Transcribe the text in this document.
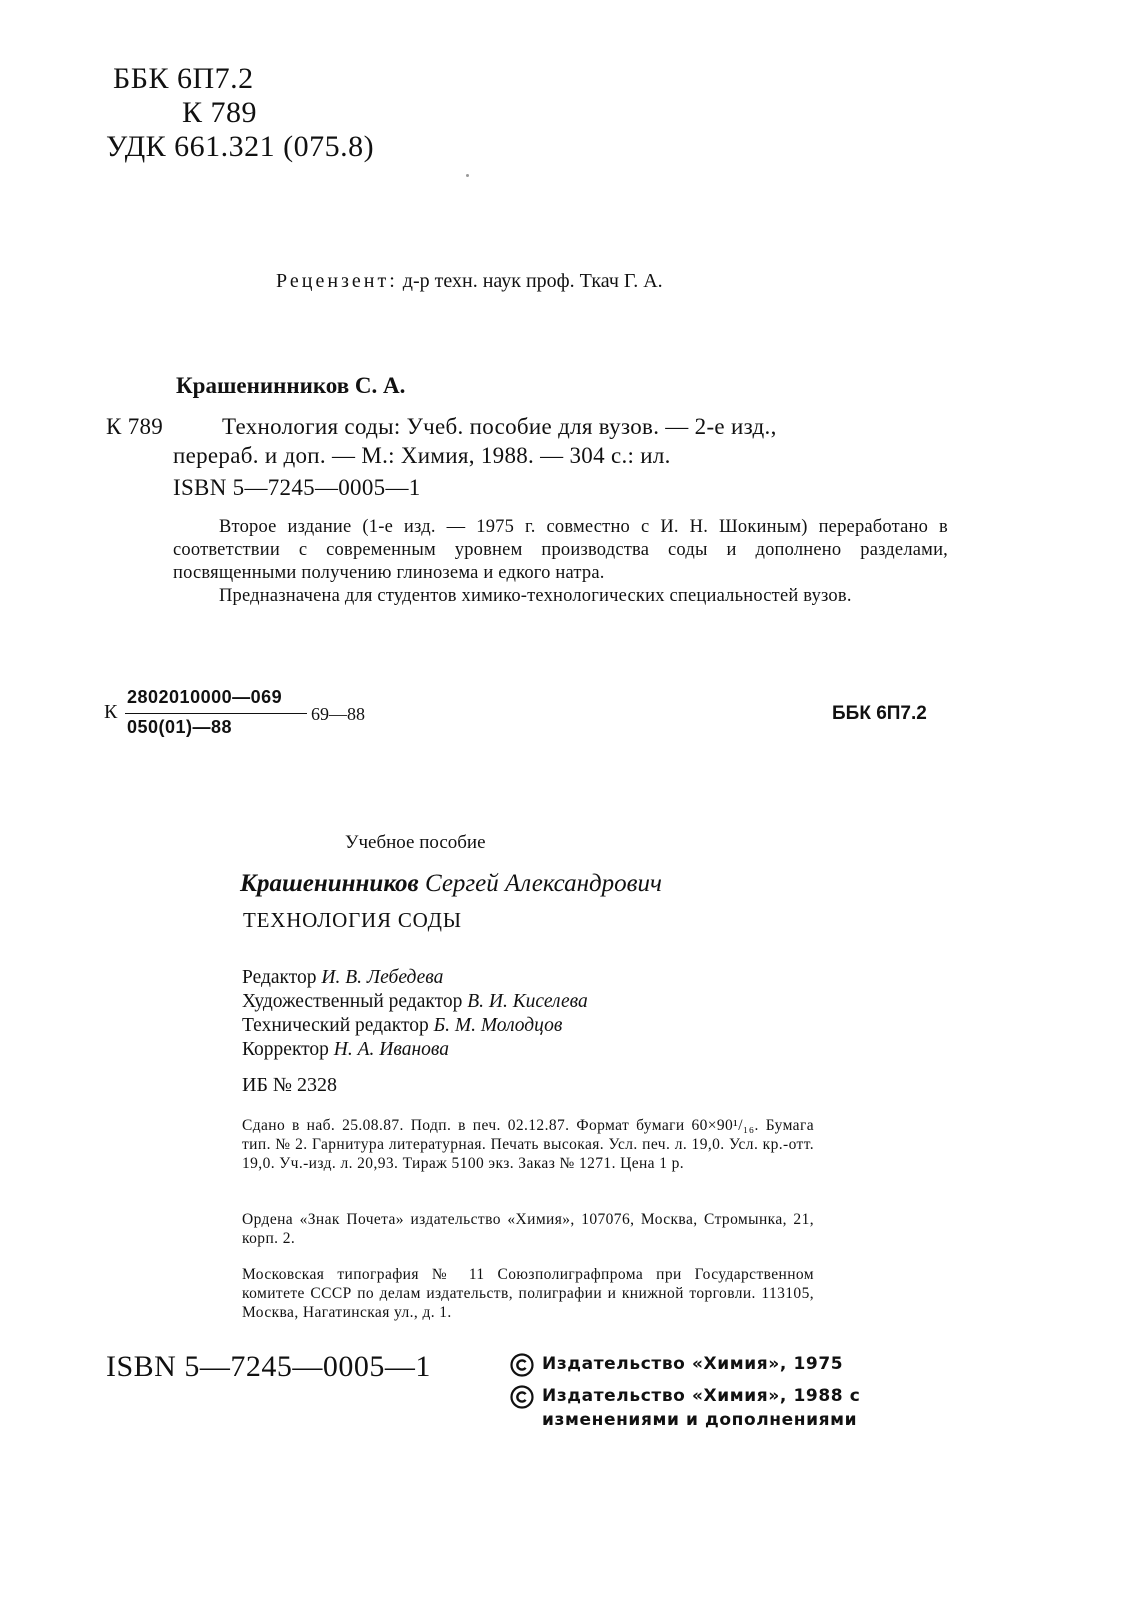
ББК 6П7.2
К 789
УДК 661.321 (075.8)
Рецензент: д-р техн. наук проф. Ткач Г. А.
Крашенинников С. А.
К 789	Технология соды: Учеб. пособие для вузов. — 2-е изд.,
перераб. и доп. — М.: Химия, 1988. — 304 с.: ил.
ISBN 5—7245—0005—1

Второе издание (1-е изд. — 1975 г. совместно с И. Н. Шокиным) переработано в соответствии с современным уровнем производства соды и дополнено разделами, посвященными получению глинозема и едкого натра.

Предназначена для студентов химико-технологических специальностей вузов.

К
2802010000—069
050(01)—88
69—88	ББК 6П7.2
Учебное пособие
Крашенинников Сергей Александрович
ТЕХНОЛОГИЯ СОДЫ
Редактор И. В. Лебедева
Художественный редактор В. И. Киселева
Технический редактор Б. М. Молодцов
Корректор Н. А. Иванова
ИБ № 2328
Сдано в наб. 25.08.87. Подп. в печ. 02.12.87. Формат бумаги 60×90¹/₁₆. Бумага тип. № 2. Гарнитура литературная. Печать высокая. Усл. печ. л. 19,0. Усл. кр.-отт. 19,0. Уч.-изд. л. 20,93. Тираж 5100 экз. Заказ № 1271. Цена 1 р.
Ордена «Знак Почета» издательство «Химия», 107076, Москва, Стромынка, 21, корп. 2.
Московская типография № 11 Союзполиграфпрома при Государственном комитете СССР по делам издательств, полиграфии и книжной торговли. 113105, Москва, Нагатинская ул., д. 1.
ISBN 5—7245—0005—1	Издательство «Химия», 1975
Издательство «Химия», 1988 с изменениями и дополнениями
